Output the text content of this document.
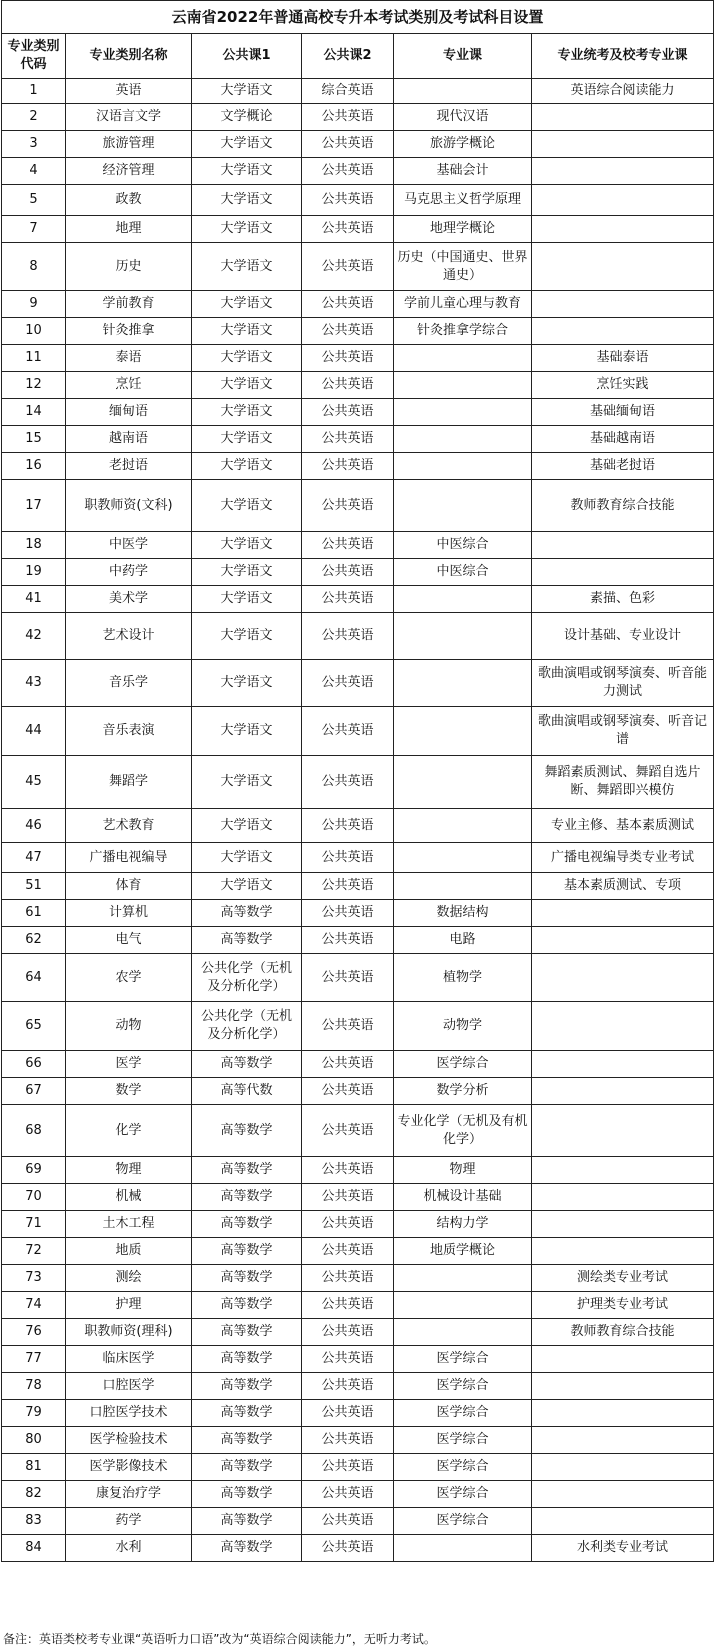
云南省2022年普通高校专升本考试类别及考试科目设置					
专业类别代码	专业类别名称	公共课1	公共课2	专业课	专业统考及校考专业课
1	英语	大学语文	综合英语		英语综合阅读能力
2	汉语言文学	文学概论	公共英语	现代汉语	
3	旅游管理	大学语文	公共英语	旅游学概论	
4	经济管理	大学语文	公共英语	基础会计	
5	政教	大学语文	公共英语	马克思主义哲学原理	
7	地理	大学语文	公共英语	地理学概论	
8	历史	大学语文	公共英语	历史（中国通史、世界通史）	
9	学前教育	大学语文	公共英语	学前儿童心理与教育	
10	针灸推拿	大学语文	公共英语	针灸推拿学综合	
11	泰语	大学语文	公共英语		基础泰语
12	烹饪	大学语文	公共英语		烹饪实践
14	缅甸语	大学语文	公共英语		基础缅甸语
15	越南语	大学语文	公共英语		基础越南语
16	老挝语	大学语文	公共英语		基础老挝语
17	职教师资(文科)	大学语文	公共英语		教师教育综合技能
18	中医学	大学语文	公共英语	中医综合	
19	中药学	大学语文	公共英语	中医综合	
41	美术学	大学语文	公共英语		素描、色彩
42	艺术设计	大学语文	公共英语		设计基础、专业设计
43	音乐学	大学语文	公共英语		歌曲演唱或钢琴演奏、听音能力测试
44	音乐表演	大学语文	公共英语		歌曲演唱或钢琴演奏、听音记谱
45	舞蹈学	大学语文	公共英语		舞蹈素质测试、舞蹈自选片断、舞蹈即兴模仿
46	艺术教育	大学语文	公共英语		专业主修、基本素质测试
47	广播电视编导	大学语文	公共英语		广播电视编导类专业考试
51	体育	大学语文	公共英语		基本素质测试、专项
61	计算机	高等数学	公共英语	数据结构	
62	电气	高等数学	公共英语	电路	
64	农学	公共化学（无机及分析化学）	公共英语	植物学	
65	动物	公共化学（无机及分析化学）	公共英语	动物学	
66	医学	高等数学	公共英语	医学综合	
67	数学	高等代数	公共英语	数学分析	
68	化学	高等数学	公共英语	专业化学（无机及有机化学）	
69	物理	高等数学	公共英语	物理	
70	机械	高等数学	公共英语	机械设计基础	
71	土木工程	高等数学	公共英语	结构力学	
72	地质	高等数学	公共英语	地质学概论	
73	测绘	高等数学	公共英语		测绘类专业考试
74	护理	高等数学	公共英语		护理类专业考试
76	职教师资(理科)	高等数学	公共英语		教师教育综合技能
77	临床医学	高等数学	公共英语	医学综合	
78	口腔医学	高等数学	公共英语	医学综合	
79	口腔医学技术	高等数学	公共英语	医学综合	
80	医学检验技术	高等数学	公共英语	医学综合	
81	医学影像技术	高等数学	公共英语	医学综合	
82	康复治疗学	高等数学	公共英语	医学综合	
83	药学	高等数学	公共英语	医学综合	
84	水利	高等数学	公共英语		水利类专业考试
备注：英语类校考专业课“英语听力口语”改为“英语综合阅读能力”，无听力考试。
